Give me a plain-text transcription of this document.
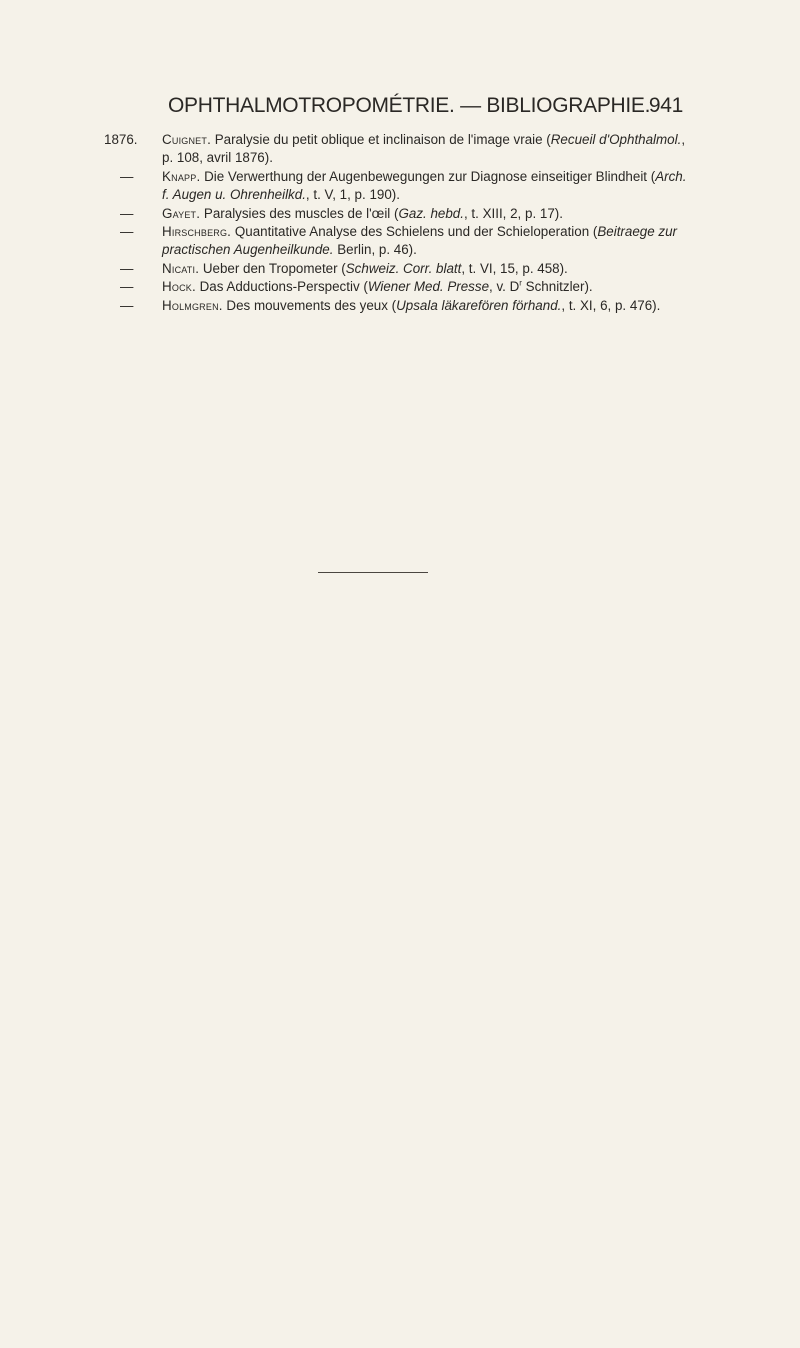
OPHTHALMOTROPOMÉTRIE. — BIBLIOGRAPHIE.
941
1876.	Cuignet. Paralysie du petit oblique et inclinaison de l'image vraie (Recueil d'Ophthalmol., p. 108, avril 1876).
—	Knapp. Die Verwerthung der Augenbewegungen zur Diagnose einseitiger Blindheit (Arch. f. Augen u. Ohrenheilkd., t. V, 1, p. 190).
—	Gayet. Paralysies des muscles de l'œil (Gaz. hebd., t. XIII, 2, p. 17).
—	Hirschberg. Quantitative Analyse des Schielens und der Schieloperation (Beitraege zur practischen Augenheilkunde. Berlin, p. 46).
—	Nicati. Ueber den Tropometer (Schweiz. Corr. blatt, t. VI, 15, p. 458).
—	Hock. Das Adductions-Perspectiv (Wiener Med. Presse, v. $D^r$ Schnitzler).
—	Holmgren. Des mouvements des yeux (Upsala läkarefören förhand., t. XI, 6, p. 476).
